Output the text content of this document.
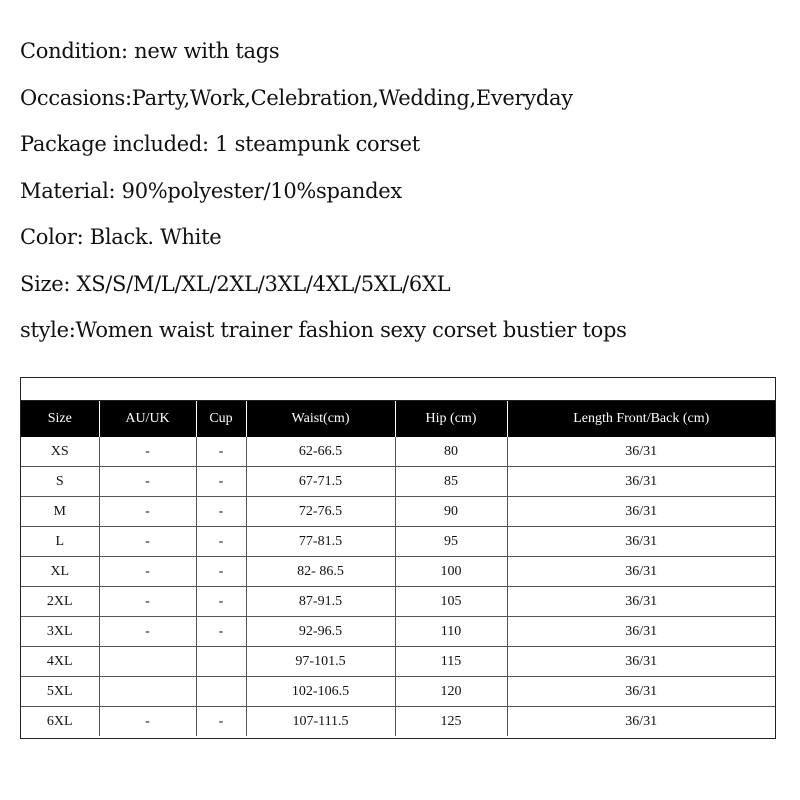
Condition: new with tags
Occasions:Party,Work,Celebration,Wedding,Everyday
Package included: 1 steampunk corset
Material: 90%polyester/10%spandex
Color: Black. White
Size: XS/S/M/L/XL/2XL/3XL/4XL/5XL/6XL
style:Women waist trainer fashion sexy corset bustier tops
Size	AU/UK	Cup	Waist(cm)	Hip (cm)	Length Front/Back (cm)
XS	-	-	62-66.5	80	36/31
S	-	-	67-71.5	85	36/31
M	-	-	72-76.5	90	36/31
L	-	-	77-81.5	95	36/31
XL	-	-	82- 86.5	100	36/31
2XL	-	-	87-91.5	105	36/31
3XL	-	-	92-96.5	110	36/31
4XL			97-101.5	115	36/31
5XL			102-106.5	120	36/31
6XL	-	-	107-111.5	125	36/31
